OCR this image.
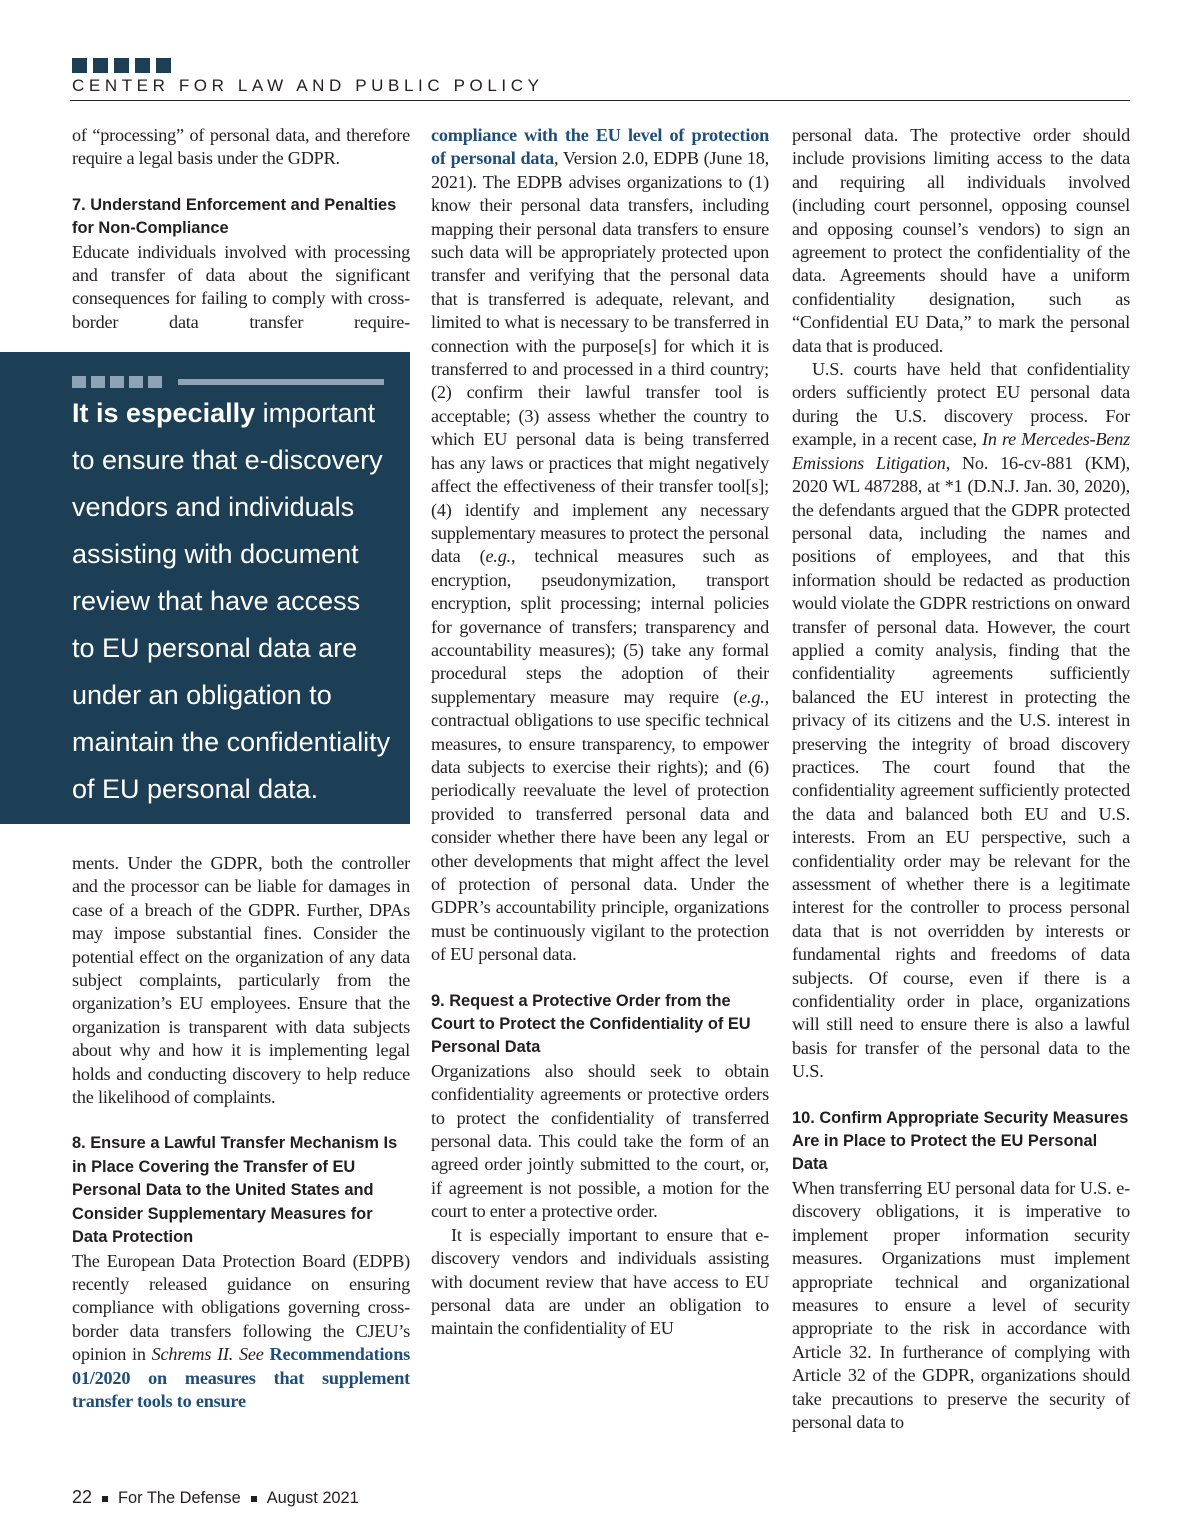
CENTER FOR LAW AND PUBLIC POLICY

of “processing” of personal data, and therefore require a legal basis under the GDPR.

7. Understand Enforcement and Penalties for Non-Compliance

Educate individuals involved with processing and transfer of data about the significant consequences for failing to comply with cross-border data transfer require-

It is especially important
to ensure that e-discovery
vendors and individuals
assisting with document
review that have access
to EU personal data are
under an obligation to
maintain the confidentiality
of EU personal data.

ments. Under the GDPR, both the controller and the processor can be liable for damages in case of a breach of the GDPR. Further, DPAs may impose substantial fines. Consider the potential effect on the organization of any data subject complaints, particularly from the organization’s EU employees. Ensure that the organization is transparent with data subjects about why and how it is implementing legal holds and conducting discovery to help reduce the likelihood of complaints.

8. Ensure a Lawful Transfer Mechanism Is in Place Covering the Transfer of EU Personal Data to the United States and Consider Supplementary Measures for Data Protection

The European Data Protection Board (EDPB) recently released guidance on ensuring compliance with obligations governing cross-border data transfers following the CJEU’s opinion in Schrems II. See Recommendations 01/2020 on measures that supplement transfer tools to ensure

compliance with the EU level of protection of personal data, Version 2.0, EDPB (June 18, 2021). The EDPB advises organizations to (1) know their personal data transfers, including mapping their personal data transfers to ensure such data will be appropriately protected upon transfer and verifying that the personal data that is transferred is adequate, relevant, and limited to what is necessary to be transferred in connection with the purpose[s] for which it is transferred to and processed in a third country; (2) confirm their lawful transfer tool is acceptable; (3) assess whether the country to which EU personal data is being transferred has any laws or practices that might negatively affect the effectiveness of their transfer tool[s]; (4) identify and implement any necessary supplementary measures to protect the personal data (e.g., technical measures such as encryption, pseudonymization, transport encryption, split processing; internal policies for governance of transfers; transparency and accountability measures); (5) take any formal procedural steps the adoption of their supplementary measure may require (e.g., contractual obligations to use specific technical measures, to ensure transparency, to empower data subjects to exercise their rights); and (6) periodically reevaluate the level of protection provided to transferred personal data and consider whether there have been any legal or other developments that might affect the level of protection of personal data. Under the GDPR’s accountability principle, organizations must be continuously vigilant to the protection of EU personal data.

9. Request a Protective Order from the Court to Protect the Confidentiality of EU Personal Data

Organizations also should seek to obtain confidentiality agreements or protective orders to protect the confidentiality of transferred personal data. This could take the form of an agreed order jointly submitted to the court, or, if agreement is not possible, a motion for the court to enter a protective order.

It is especially important to ensure that e-discovery vendors and individuals assisting with document review that have access to EU personal data are under an obligation to maintain the confidentiality of EU

personal data. The protective order should include provisions limiting access to the data and requiring all individuals involved (including court personnel, opposing counsel and opposing counsel’s vendors) to sign an agreement to protect the confidentiality of the data. Agreements should have a uniform confidentiality designation, such as “Confidential EU Data,” to mark the personal data that is produced.

U.S. courts have held that confidentiality orders sufficiently protect EU personal data during the U.S. discovery process. For example, in a recent case, In re Mercedes-Benz Emissions Litigation, No. 16-cv-881 (KM), 2020 WL 487288, at *1 (D.N.J. Jan. 30, 2020), the defendants argued that the GDPR protected personal data, including the names and positions of employees, and that this information should be redacted as production would violate the GDPR restrictions on onward transfer of personal data. However, the court applied a comity analysis, finding that the confidentiality agreements sufficiently balanced the EU interest in protecting the privacy of its citizens and the U.S. interest in preserving the integrity of broad discovery practices. The court found that the confidentiality agreement sufficiently protected the data and balanced both EU and U.S. interests. From an EU perspective, such a confidentiality order may be relevant for the assessment of whether there is a legitimate interest for the controller to process personal data that is not overridden by interests or fundamental rights and freedoms of data subjects. Of course, even if there is a confidentiality order in place, organizations will still need to ensure there is also a lawful basis for transfer of the personal data to the U.S.

10. Confirm Appropriate Security Measures Are in Place to Protect the EU Personal Data

When transferring EU personal data for U.S. e-discovery obligations, it is imperative to implement proper information security measures. Organizations must implement appropriate technical and organizational measures to ensure a level of security appropriate to the risk in accordance with Article 32. In furtherance of complying with Article 32 of the GDPR, organizations should take precautions to preserve the security of personal data to

22 For The Defense August 2021
